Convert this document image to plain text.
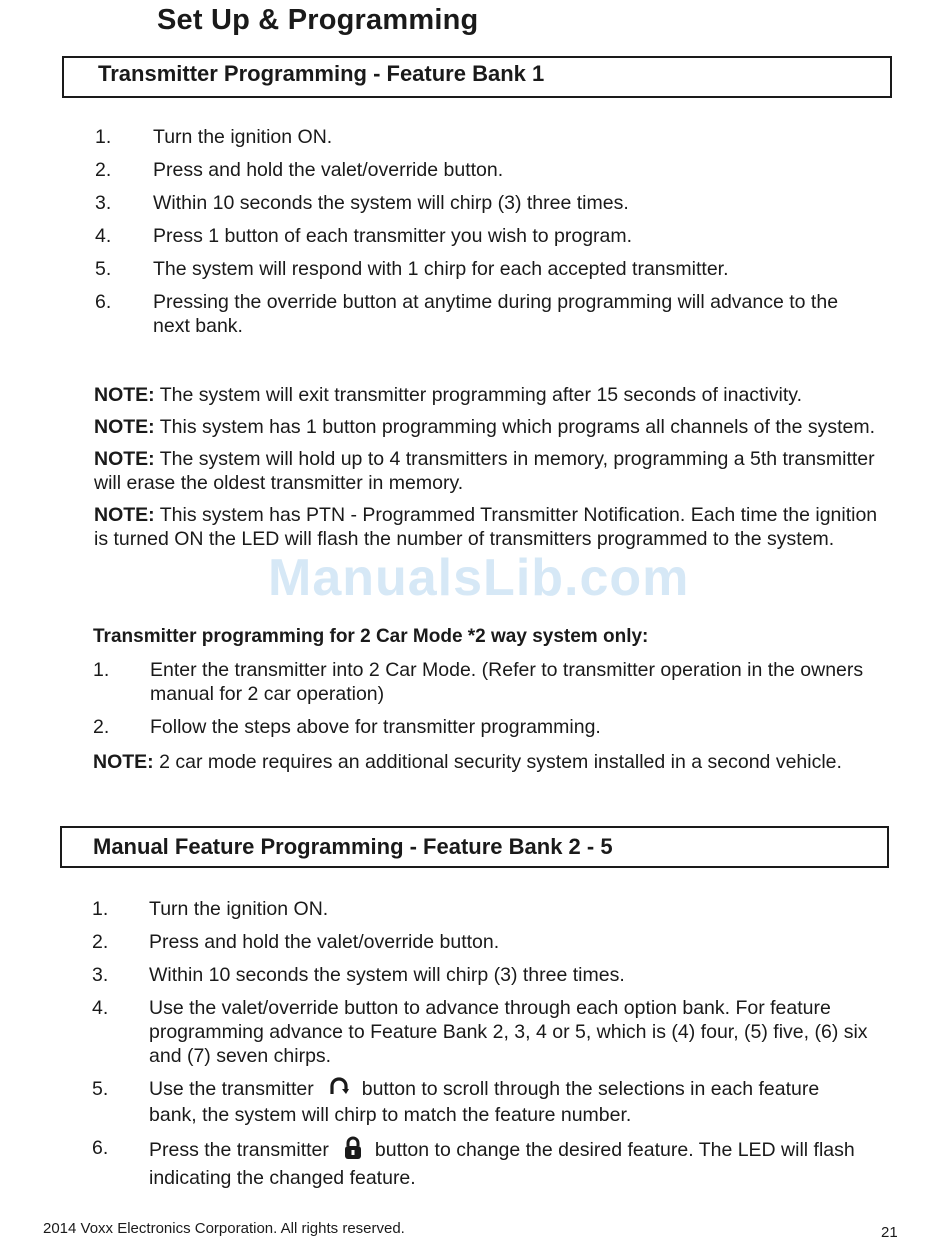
Set Up & Programming
Transmitter Programming - Feature Bank 1
1. Turn the ignition ON.
2. Press and hold the valet/override button.
3. Within 10 seconds the system will chirp (3) three times.
4. Press 1 button of each transmitter you wish to program.
5. The system will respond with 1 chirp for each accepted transmitter.
6. Pressing the override button at anytime during programming will advance to the next bank.

NOTE: The system will exit transmitter programming after 15 seconds of inactivity.

NOTE: This system has 1 button programming which programs all channels of the system.

NOTE: The system will hold up to 4 transmitters in memory, programming a 5th transmitter will erase the oldest transmitter in memory.

NOTE: This system has PTN - Programmed Transmitter Notification. Each time the ignition is turned ON the LED will flash the number of transmitters programmed to the system.

Transmitter programming for 2 Car Mode *2 way system only:
1. Enter the transmitter into 2 Car Mode. (Refer to transmitter operation in the owners manual for 2 car operation)
2. Follow the steps above for transmitter programming.

NOTE: 2 car mode requires an additional security system installed in a second vehicle.

Manual Feature Programming - Feature Bank 2 - 5
1. Turn the ignition ON.
2. Press and hold the valet/override button.
3. Within 10 seconds the system will chirp (3) three times.
4. Use the valet/override button to advance through each option bank. For feature programming advance to Feature Bank 2, 3, 4 or 5, which is (4) four, (5) five, (6) six and (7) seven chirps.
5. Use the transmitter button to scroll through the selections in each feature bank, the system will chirp to match the feature number.
6. Press the transmitter button to change the desired feature. The LED will flash indicating the changed feature.
ManualsLib.com
2014 Voxx Electronics Corporation. All rights reserved.	21
